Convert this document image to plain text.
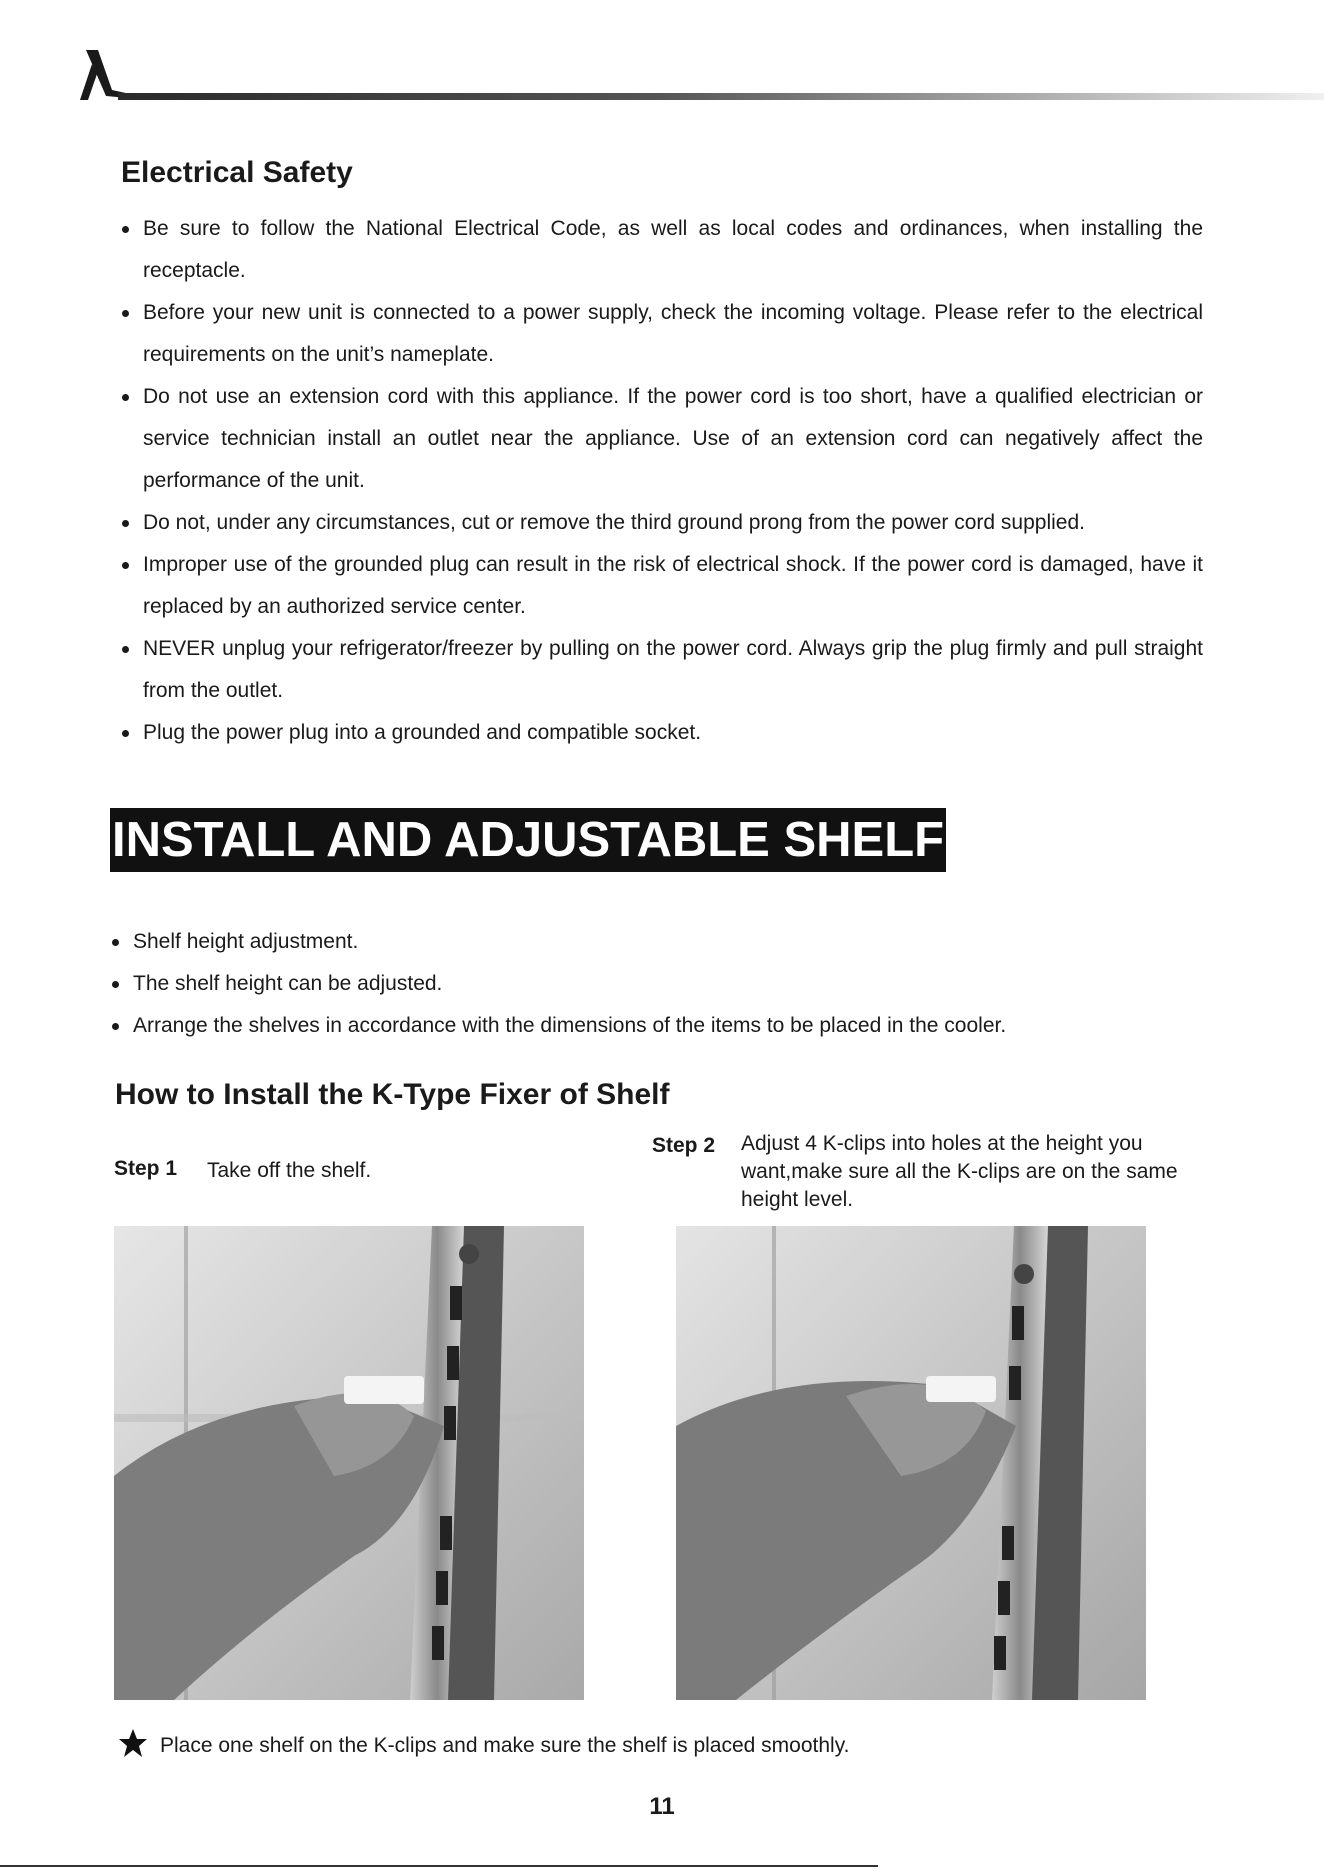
Electrical Safety
Be sure to follow the National Electrical Code, as well as local codes and ordinances, when installing the receptacle.
Before your new unit is connected to a power supply, check the incoming voltage. Please refer to the electrical requirements on the unit’s nameplate.
Do not use an extension cord with this appliance. If the power cord is too short, have a qualified electrician or service technician install an outlet near the appliance. Use of an extension cord can negatively affect the performance of the unit.
Do not, under any circumstances, cut or remove the third ground prong from the power cord supplied.
Improper use of the grounded plug can result in the risk of electrical shock. If the power cord is damaged, have it replaced by an authorized service center.
NEVER unplug your refrigerator/freezer by pulling on the power cord. Always grip the plug firmly and pull straight from the outlet.
Plug the power plug into a grounded and compatible socket.
INSTALL AND ADJUSTABLE SHELF
Shelf height adjustment.
The shelf height can be adjusted.
Arrange the shelves in accordance with the dimensions of the items to be placed in the cooler.
How to Install the K-Type Fixer of Shelf
Step 1 Take off the shelf.
Step 2 Adjust 4 K-clips into holes at the height you want,make sure all the K-clips are on the same height level.
Place one shelf on the K-clips and make sure the shelf is placed smoothly.
11
